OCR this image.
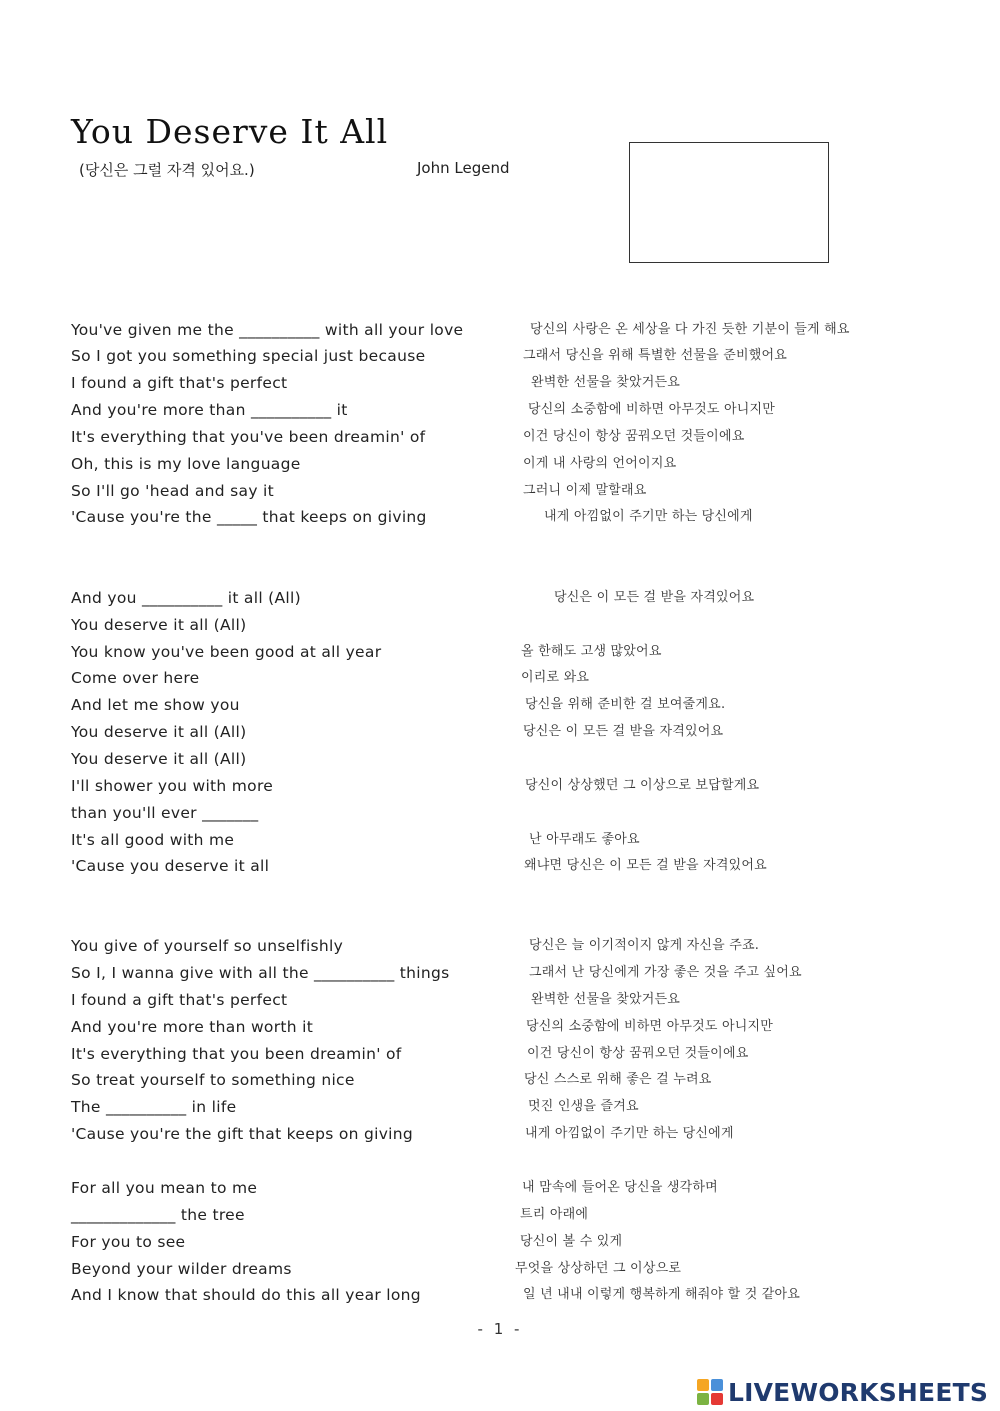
You Deserve It All
(당신은 그럴 자격 있어요.)	John Legend
You've given me the __________ with all your love	당신의 사랑은 온 세상을 다 가진 듯한 기분이 들게 해요
So I got you something special just because	그래서 당신을 위해 특별한 선물을 준비했어요
I found a gift that's perfect	완벽한 선물을 찾았거든요
And you're more than __________ it	당신의 소중함에 비하면 아무것도 아니지만
It's everything that you've been dreamin' of	이건 당신이 항상 꿈꿔오던 것들이에요
Oh, this is my love language	이게 내 사랑의 언어이지요
So I'll go 'head and say it	그러니 이제 말할래요
'Cause you're the _____ that keeps on giving	내게 아낌없이 주기만 하는 당신에게
And you __________ it all (All)	당신은 이 모든 걸 받을 자격있어요
You deserve it all (All)
You know you've been good at all year	올 한해도 고생 많았어요
Come over here	이리로 와요
And let me show you	당신을 위해 준비한 걸 보여줄게요.
You deserve it all (All)	당신은 이 모든 걸 받을 자격있어요
You deserve it all (All)
I'll shower you with more	당신이 상상했던 그 이상으로 보답할게요
than you'll ever _______
It's all good with me	난 아무래도 좋아요
'Cause you deserve it all	왜냐면 당신은 이 모든 걸 받을 자격있어요
You give of yourself so unselfishly	당신은 늘 이기적이지 않게 자신을 주죠.
So I, I wanna give with all the __________ things	그래서 난 당신에게 가장 좋은 것을 주고 싶어요
I found a gift that's perfect	완벽한 선물을 찾았거든요
And you're more than worth it	당신의 소중함에 비하면 아무것도 아니지만
It's everything that you been dreamin' of	이건 당신이 항상 꿈꿔오던 것들이에요
So treat yourself to something nice	당신 스스로 위해 좋은 걸 누려요
The __________ in life	멋진 인생을 즐겨요
'Cause you're the gift that keeps on giving	내게 아낌없이 주기만 하는 당신에게
For all you mean to me	내 맘속에 들어온 당신을 생각하며
_____________ the tree	트리 아래에
For you to see	당신이 볼 수 있게
Beyond your wilder dreams	무엇을 상상하던 그 이상으로
And I know that should do this all year long	일 년 내내 이렇게 행복하게 해줘야 할 것 같아요
- 1 -
LIVEWORKSHEETS
